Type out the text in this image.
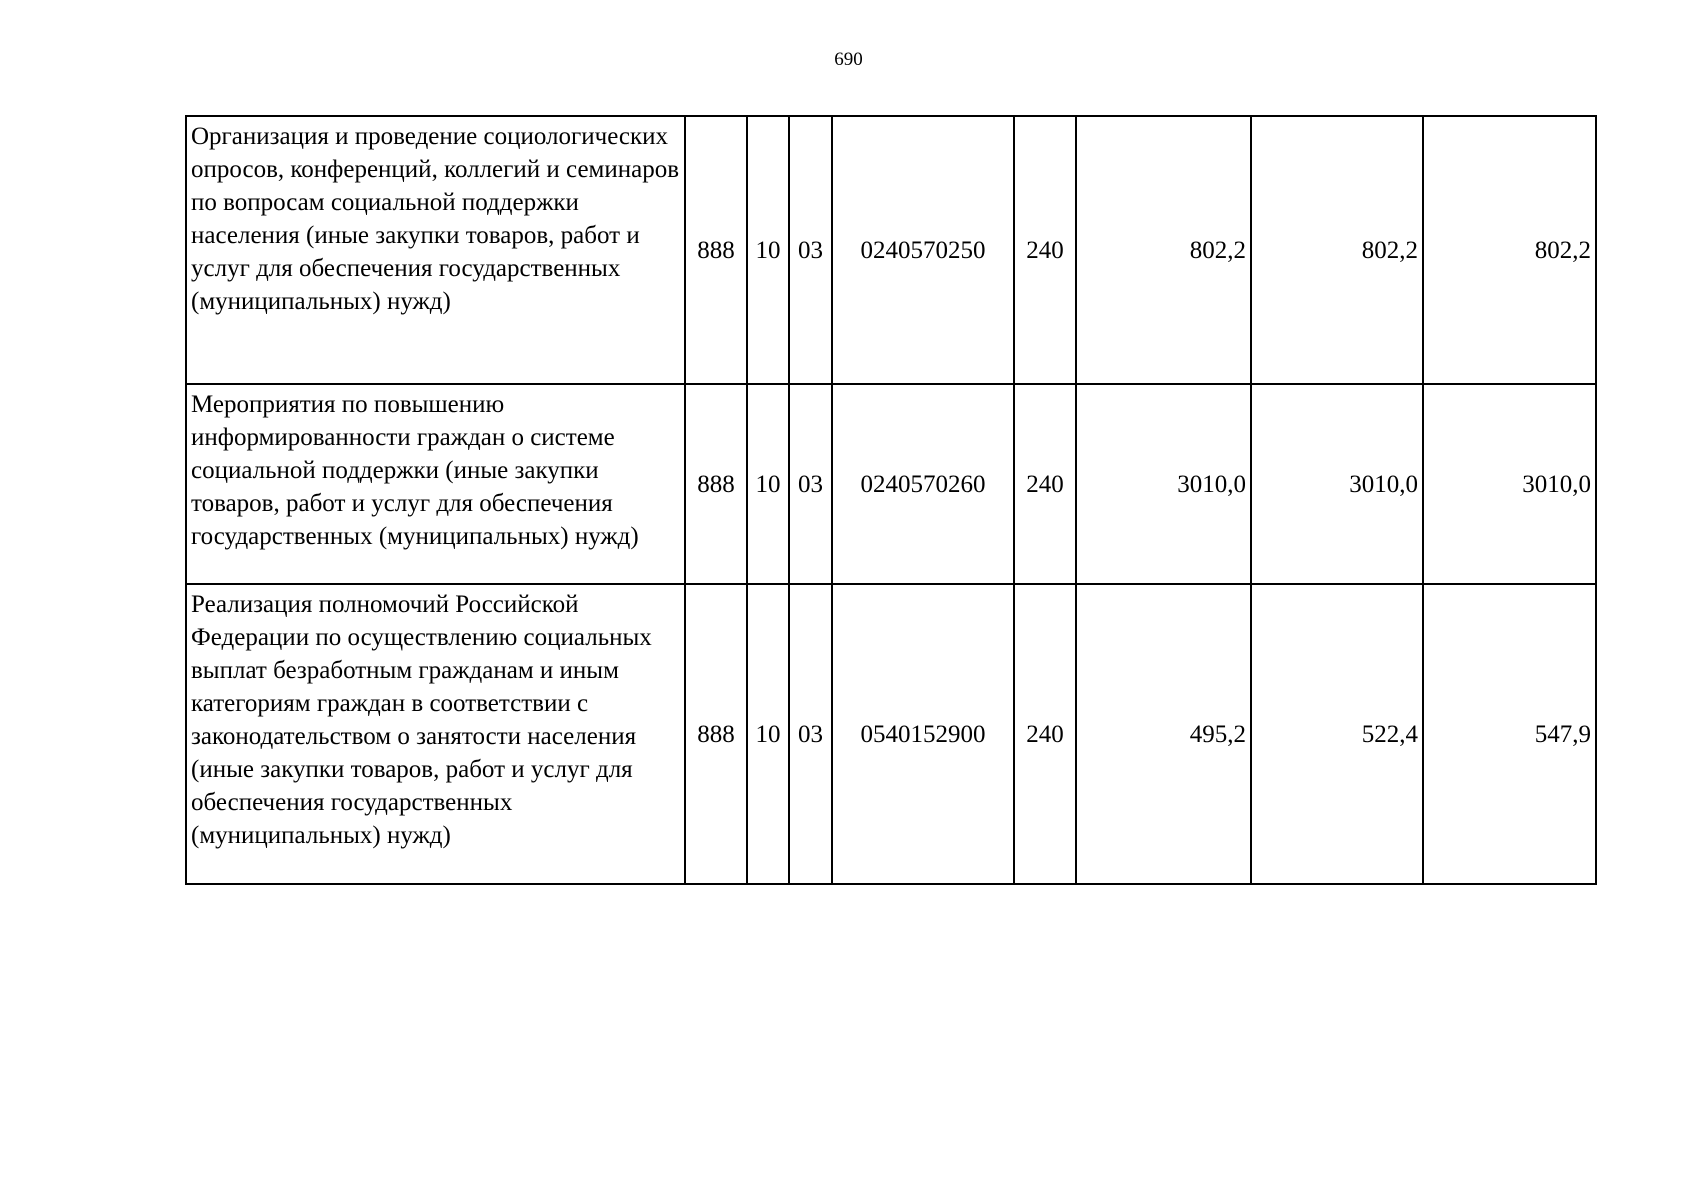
690
Организация и проведение социологических опросов, конференций, коллегий и семинаров по вопросам социальной поддержки населения (иные закупки товаров, работ и услуг для обеспечения государственных (муниципальных) нужд)	888	10	03	0240570250	240	802,2	802,2	802,2
Мероприятия по повышению информированности граждан о системе социальной поддержки (иные закупки товаров, работ и услуг для обеспечения государственных (муниципальных) нужд)	888	10	03	0240570260	240	3010,0	3010,0	3010,0
Реализация полномочий Российской Федерации по осуществлению социальных выплат безработным гражданам и иным категориям граждан в соответствии с законодательством о занятости населения (иные закупки товаров, работ и услуг для обеспечения государственных (муниципальных) нужд)	888	10	03	0540152900	240	495,2	522,4	547,9
